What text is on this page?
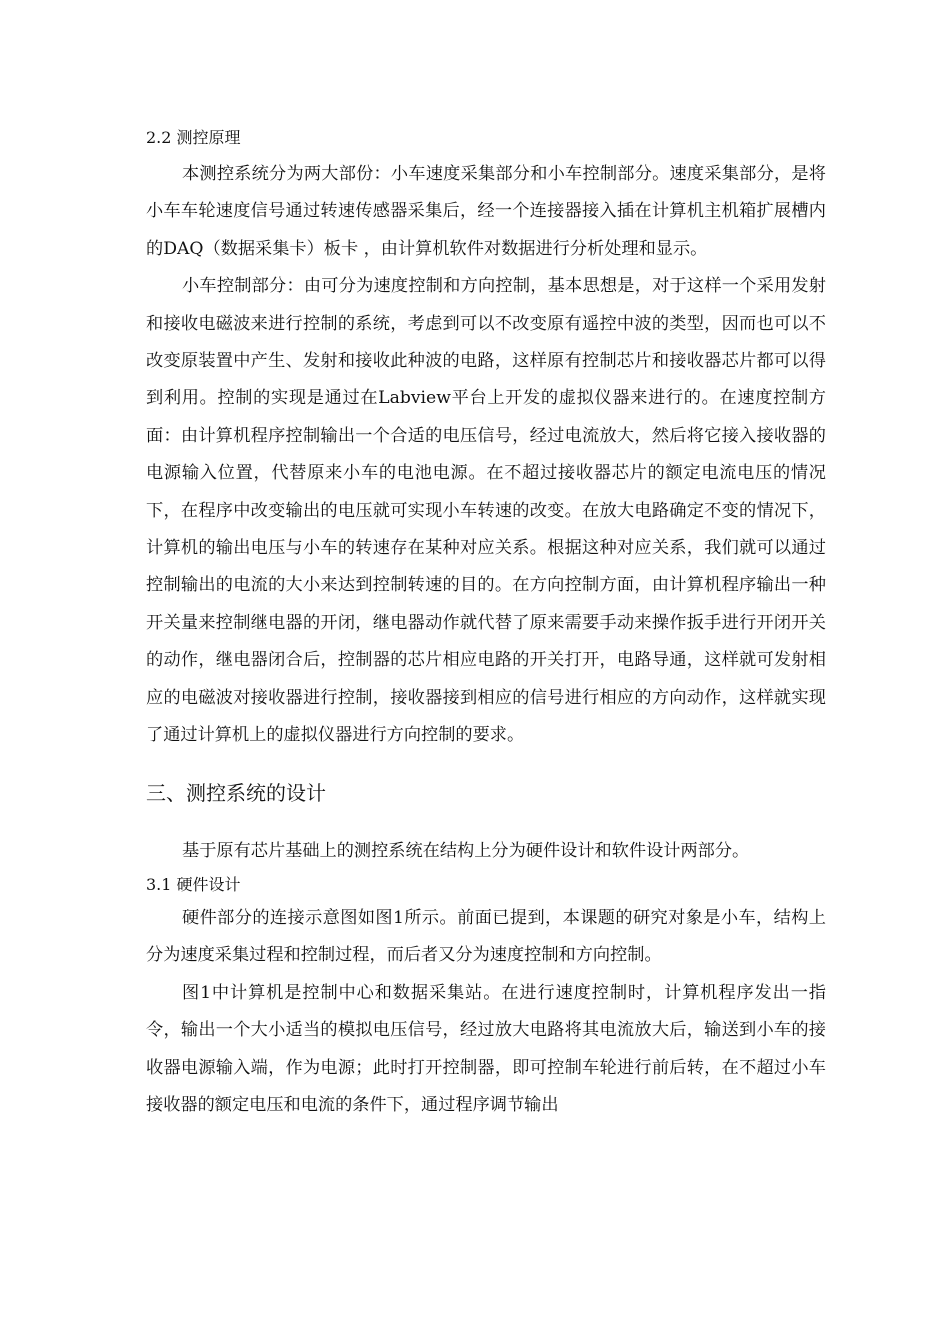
2.2 测控原理

本测控系统分为两大部份：小车速度采集部分和小车控制部分。速度采集部分，是将小车车轮速度信号通过转速传感器采集后，经一个连接器接入插在计算机主机箱扩展槽内的DAQ（数据采集卡）板卡 ，由计算机软件对数据进行分析处理和显示。

小车控制部分：由可分为速度控制和方向控制，基本思想是，对于这样一个采用发射和接收电磁波来进行控制的系统，考虑到可以不改变原有遥控中波的类型，因而也可以不改变原装置中产生、发射和接收此种波的电路，这样原有控制芯片和接收器芯片都可以得到利用。控制的实现是通过在Labview平台上开发的虚拟仪器来进行的。在速度控制方面：由计算机程序控制输出一个合适的电压信号，经过电流放大，然后将它接入接收器的电源输入位置，代替原来小车的电池电源。在不超过接收器芯片的额定电流电压的情况下，在程序中改变输出的电压就可实现小车转速的改变。在放大电路确定不变的情况下，计算机的输出电压与小车的转速存在某种对应关系。根据这种对应关系，我们就可以通过控制输出的电流的大小来达到控制转速的目的。在方向控制方面，由计算机程序输出一种开关量来控制继电器的开闭，继电器动作就代替了原来需要手动来操作扳手进行开闭开关的动作，继电器闭合后，控制器的芯片相应电路的开关打开，电路导通，这样就可发射相应的电磁波对接收器进行控制，接收器接到相应的信号进行相应的方向动作，这样就实现了通过计算机上的虚拟仪器进行方向控制的要求。

三、测控系统的设计

基于原有芯片基础上的测控系统在结构上分为硬件设计和软件设计两部分。

3.1 硬件设计

硬件部分的连接示意图如图1所示。前面已提到，本课题的研究对象是小车，结构上分为速度采集过程和控制过程，而后者又分为速度控制和方向控制。

图1中计算机是控制中心和数据采集站。在进行速度控制时，计算机程序发出一指令，输出一个大小适当的模拟电压信号，经过放大电路将其电流放大后，输送到小车的接收器电源输入端，作为电源；此时打开控制器，即可控制车轮进行前后转，在不超过小车接收器的额定电压和电流的条件下，通过程序调节输出
